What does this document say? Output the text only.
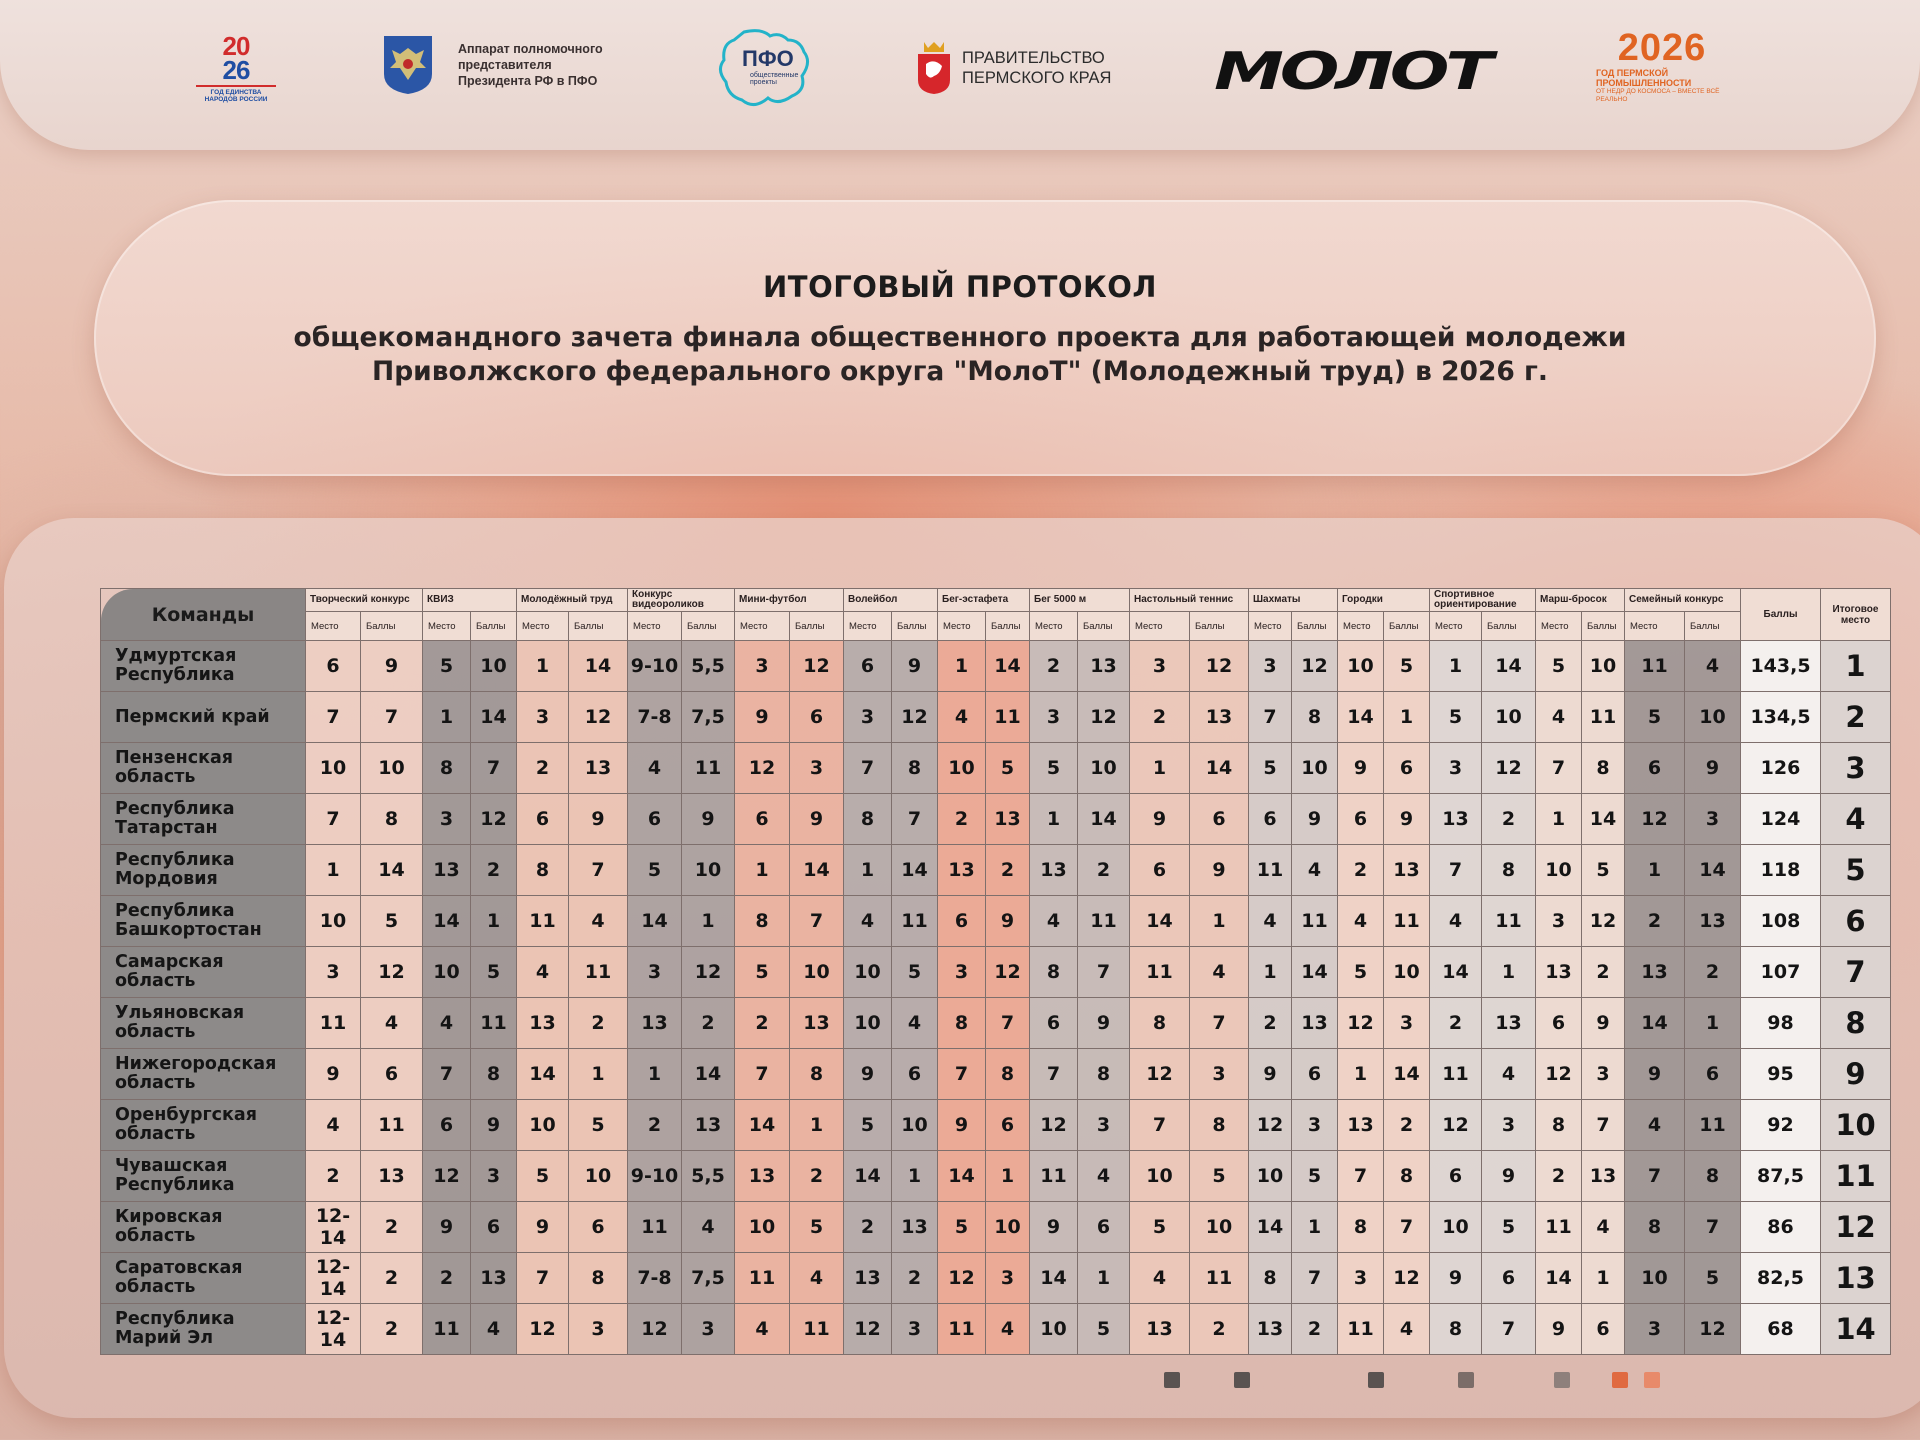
20
26
ГОД ЕДИНСТВА НАРОДОВ РОССИИ
Аппарат полномочного
представителя
Президента РФ в ПФО
ПФО
общественные проекты
ПРАВИТЕЛЬСТВО
ПЕРМСКОГО КРАЯ МОЛОТ	2026
ГОД ПЕРМСКОЙ ПРОМЫШЛЕННОСТИ
ОТ НЕДР ДО КОСМОСА – ВМЕСТЕ ВСЁ РЕАЛЬНО
ИТОГОВЫЙ ПРОТОКОЛ
общекомандного зачета финала общественного проекта для работающей молодежи
Приволжского федерального округа "МолоТ" (Молодежный труд) в 2026 г.
Команды	Творческий конкурс		КВИЗ		Молодёжный труд		Конкурс видеороликов		Мини-футбол		Волейбол		Бег-эстафета		Бег 5000 м		Настольный теннис		Шахматы		Городки		Спортивное ориентирование		Марш-бросок		Семейный конкурс		Баллы	Итоговое
место

	Место	Баллы	Место	Баллы	Место	Баллы	Место	Баллы	Место	Баллы	Место	Баллы	Место	Баллы	Место	Баллы	Место	Баллы	Место	Баллы	Место	Баллы	Место	Баллы	Место	Баллы	Место	Баллы		
Удмуртская Республика	6	9	5	10	1	14	9-10	5,5	3	12	6	9	1	14	2	13	3	12	3	12	10	5	1	14	5	10	11	4	143,5	1
Пермский край	7	7	1	14	3	12	7-8	7,5	9	6	3	12	4	11	3	12	2	13	7	8	14	1	5	10	4	11	5	10	134,5	2
Пензенская область	10	10	8	7	2	13	4	11	12	3	7	8	10	5	5	10	1	14	5	10	9	6	3	12	7	8	6	9	126	3
Республика Татарстан	7	8	3	12	6	9	6	9	6	9	8	7	2	13	1	14	9	6	6	9	6	9	13	2	1	14	12	3	124	4
Республика Мордовия	1	14	13	2	8	7	5	10	1	14	1	14	13	2	13	2	6	9	11	4	2	13	7	8	10	5	1	14	118	5
Республика Башкортостан	10	5	14	1	11	4	14	1	8	7	4	11	6	9	4	11	14	1	4	11	4	11	4	11	3	12	2	13	108	6
Самарская область	3	12	10	5	4	11	3	12	5	10	10	5	3	12	8	7	11	4	1	14	5	10	14	1	13	2	13	2	107	7
Ульяновская область	11	4	4	11	13	2	13	2	2	13	10	4	8	7	6	9	8	7	2	13	12	3	2	13	6	9	14	1	98	8
Нижегородская область	9	6	7	8	14	1	1	14	7	8	9	6	7	8	7	8	12	3	9	6	1	14	11	4	12	3	9	6	95	9
Оренбургская область	4	11	6	9	10	5	2	13	14	1	5	10	9	6	12	3	7	8	12	3	13	2	12	3	8	7	4	11	92	10
Чувашская Республика	2	13	12	3	5	10	9-10	5,5	13	2	14	1	14	1	11	4	10	5	10	5	7	8	6	9	2	13	7	8	87,5	11
Кировская область	12-14	2	9	6	9	6	11	4	10	5	2	13	5	10	9	6	5	10	14	1	8	7	10	5	11	4	8	7	86	12
Саратовская область	12-14	2	2	13	7	8	7-8	7,5	11	4	13	2	12	3	14	1	4	11	8	7	3	12	9	6	14	1	10	5	82,5	13
Республика Марий Эл	12-14	2	11	4	12	3	12	3	4	11	12	3	11	4	10	5	13	2	13	2	11	4	8	7	9	6	3	12	68	14
